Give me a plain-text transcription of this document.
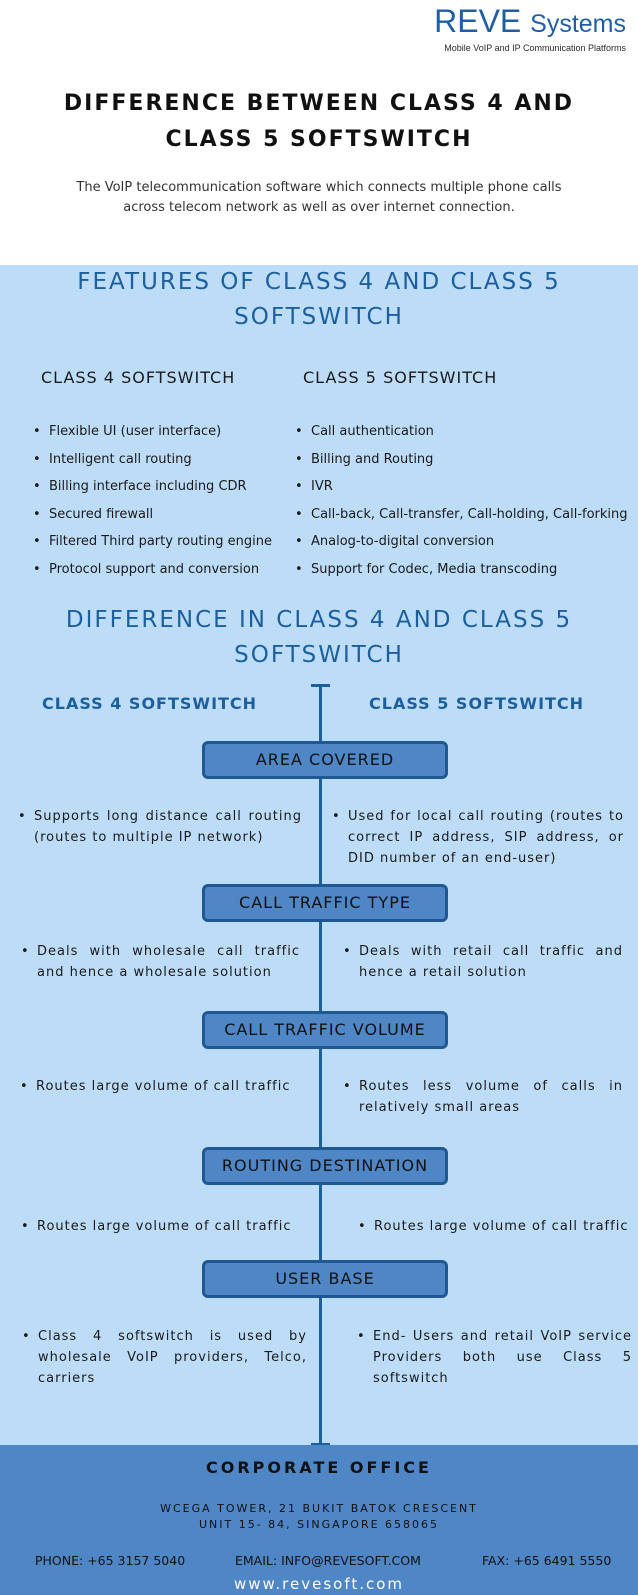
REVE Systems
Mobile VoIP and IP Communication Platforms
DIFFERENCE BETWEEN CLASS 4 AND
CLASS 5 SOFTSWITCH
The VoIP telecommunication software which connects multiple phone calls
across telecom network as well as over internet connection.
FEATURES OF CLASS 4 AND CLASS 5
SOFTSWITCH
CLASS 4 SOFTSWITCH	CLASS 5 SOFTSWITCH
• Flexible UI (user interface)
• Intelligent call routing
• Billing interface including CDR
• Secured firewall
• Filtered Third party routing engine
• Protocol support and conversion
• Call authentication
• Billing and Routing
• IVR
• Call-back, Call-transfer, Call-holding, Call-forking
• Analog-to-digital conversion
• Support for Codec, Media transcoding
DIFFERENCE IN CLASS 4 AND CLASS 5
SOFTSWITCH
CLASS 4 SOFTSWITCH	CLASS 5 SOFTSWITCH
AREA COVERED
• Supports long distance call routing (routes to multiple IP network)
• Used for local call routing (routes to correct IP address, SIP address, or DID number of an end-user)
CALL TRAFFIC TYPE
• Deals with wholesale call traffic and hence a wholesale solution
• Deals with retail call traffic and hence a retail solution
CALL TRAFFIC VOLUME
• Routes large volume of call traffic	• Routes less volume of calls in relatively small areas
ROUTING DESTINATION
• Routes large volume of call traffic	• Routes large volume of call traffic
USER BASE
• Class 4 softswitch is used by wholesale VoIP providers, Telco, carriers
• End- Users and retail VoIP service Providers both use Class 5 softswitch
CORPORATE OFFICE
WCEGA TOWER, 21 BUKIT BATOK CRESCENT
UNIT 15- 84, SINGAPORE 658065
PHONE: +65 3157 5040	EMAIL: INFO@REVESOFT.COM	FAX: +65 6491 5550
www.revesoft.com
